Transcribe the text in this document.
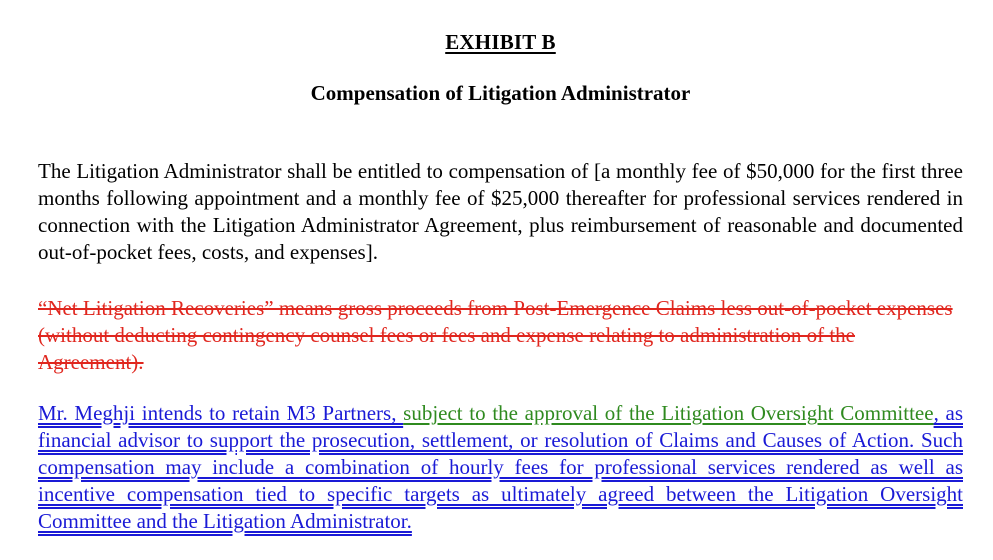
EXHIBIT B
Compensation of Litigation Administrator

The Litigation Administrator shall be entitled to compensation of [a monthly fee of $50,000 for the first three months following appointment and a monthly fee of $25,000 thereafter for professional services rendered in connection with the Litigation Administrator Agreement, plus reimbursement of reasonable and documented out-of-pocket fees, costs, and expenses].

“Net Litigation Recoveries” means gross proceeds from Post-Emergence Claims less out-of-pocket expenses (without deducting contingency counsel fees or fees and expense relating to administration of the Agreement).

Mr. Meghji intends to retain M3 Partners, subject to the approval of the Litigation Oversight Committee, as financial advisor to support the prosecution, settlement, or resolution of Claims and Causes of Action. Such compensation may include a combination of hourly fees for professional services rendered as well as incentive compensation tied to specific targets as ultimately agreed between the Litigation Oversight Committee and the Litigation Administrator.
